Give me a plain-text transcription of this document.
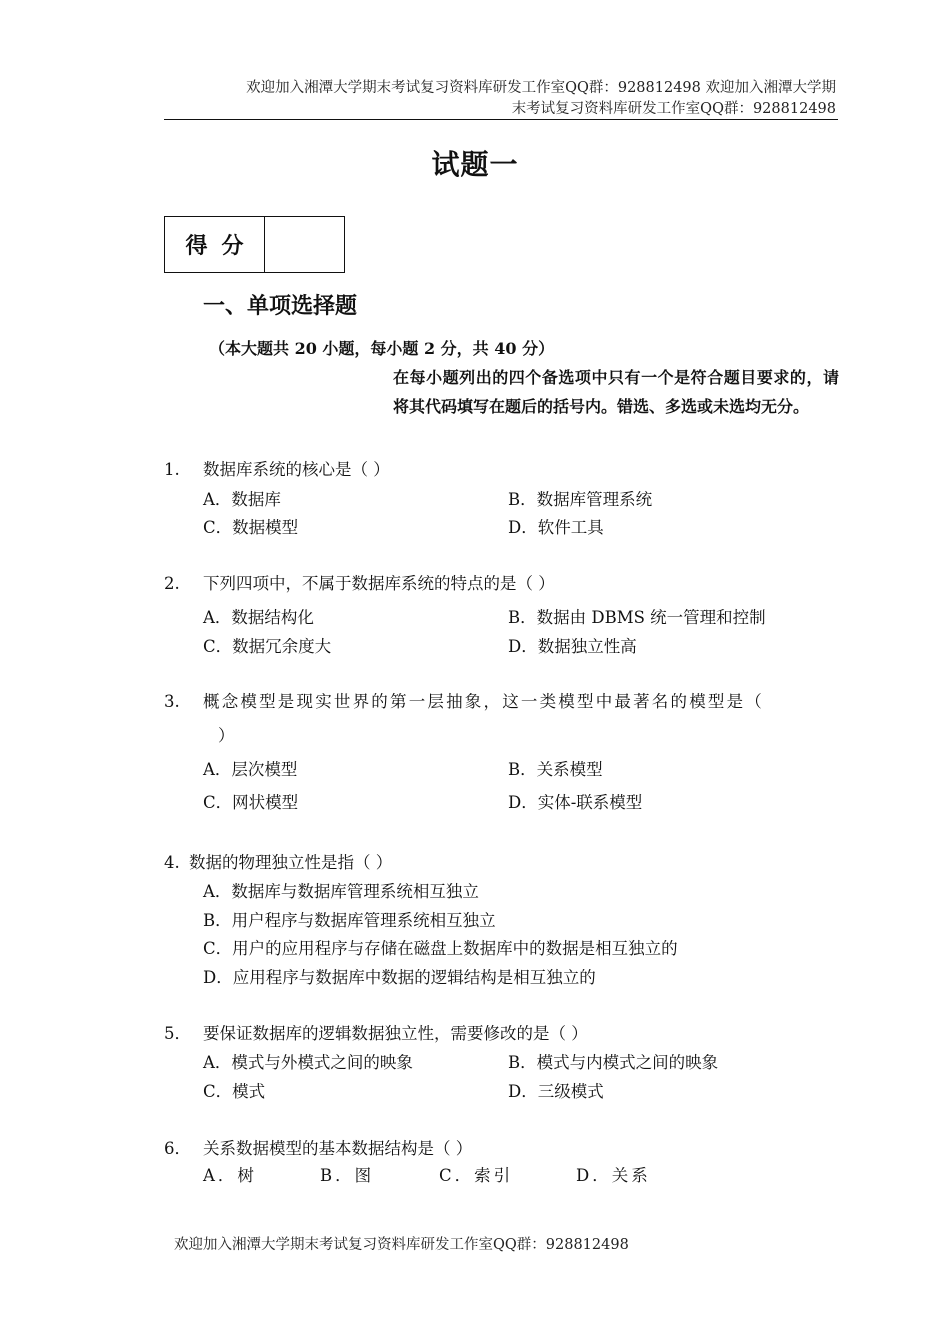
欢迎加入湘潭大学期末考试复习资料库研发工作室QQ群：928812498 欢迎加入湘潭大学期
末考试复习资料库研发工作室QQ群：928812498
试题一
得分
一、单项选择题
（本大题共 20 小题，每小题 2 分，共 40 分）
在每小题列出的四个备选项中只有一个是符合题目要求的，请将其代码填写在题后的括号内。错选、多选或未选均无分。
1. 数据库系统的核心是（ ）
A．数据库	B．数据库管理系统
C．数据模型	D．软件工具
2. 下列四项中，不属于数据库系统的特点的是（ ）
A．数据结构化	B．数据由 DBMS 统一管理和控制
C．数据冗余度大	D．数据独立性高
3. 概念模型是现实世界的第一层抽象，这一类模型中最著名的模型是（
）
A．层次模型	B．关系模型
C．网状模型	D．实体-联系模型
4. 数据的物理独立性是指（ ）
A．数据库与数据库管理系统相互独立
B．用户程序与数据库管理系统相互独立
C．用户的应用程序与存储在磁盘上数据库中的数据是相互独立的
D．应用程序与数据库中数据的逻辑结构是相互独立的
5． 要保证数据库的逻辑数据独立性，需要修改的是（ ）
A．模式与外模式之间的映象	B．模式与内模式之间的映象
C．模式	D．三级模式
6． 关系数据模型的基本数据结构是（ ）
A．树	B．图	C．索引	D．关系
欢迎加入湘潭大学期末考试复习资料库研发工作室QQ群：928812498
